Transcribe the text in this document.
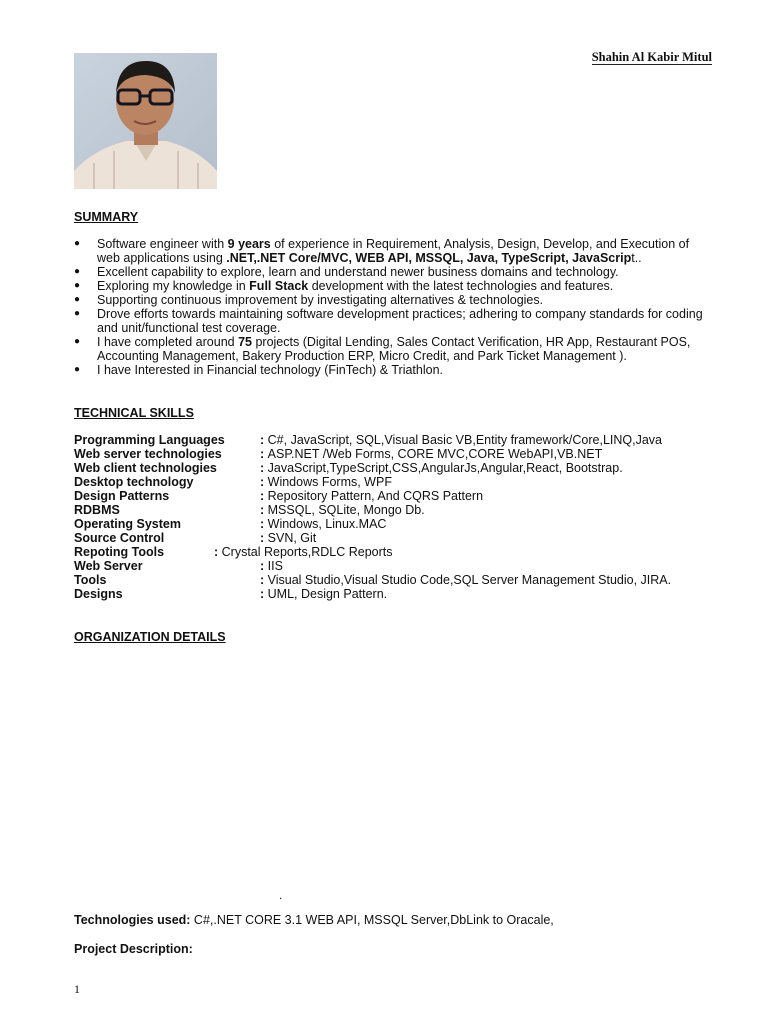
Shahin Al Kabir Mitul
SUMMARY
● Software engineer with 9 years of experience in Requirement, Analysis, Design, Develop, and Execution of web applications using .NET,.NET Core/MVC, WEB API, MSSQL, Java, TypeScript, JavaScript..
● Excellent capability to explore, learn and understand newer business domains and technology.
● Exploring my knowledge in Full Stack development with the latest technologies and features.
● Supporting continuous improvement by investigating alternatives & technologies.
● Drove efforts towards maintaining software development practices; adhering to company standards for coding and unit/functional test coverage.
● I have completed around 75 projects (Digital Lending, Sales Contact Verification, HR App, Restaurant POS, Accounting Management, Bakery Production ERP, Micro Credit, and Park Ticket Management ).
● I have Interested in Financial technology (FinTech) & Triathlon.
TECHNICAL SKILLS
Programming Languages	: C#, JavaScript, SQL,Visual Basic VB,Entity framework/Core,LINQ,Java
Web server technologies	: ASP.NET /Web Forms, CORE MVC,CORE WebAPI,VB.NET
Web client technologies	: JavaScript,TypeScript,CSS,AngularJs,Angular,React, Bootstrap.
Desktop technology	: Windows Forms, WPF
Design Patterns	: Repository Pattern, And CQRS Pattern
RDBMS	: MSSQL, SQLite, Mongo Db.
Operating System	: Windows, Linux.MAC
Source Control	: SVN, Git
Repoting Tools	: Crystal Reports,RDLC Reports
Web Server	: IIS
Tools	: Visual Studio,Visual Studio Code,SQL Server Management Studio, JIRA.
Designs	: UML, Design Pattern.
ORGANIZATION DETAILS
.
Technologies used: C#,.NET CORE 3.1 WEB API, MSSQL Server,DbLink to Oracale,
Project Description:
1
